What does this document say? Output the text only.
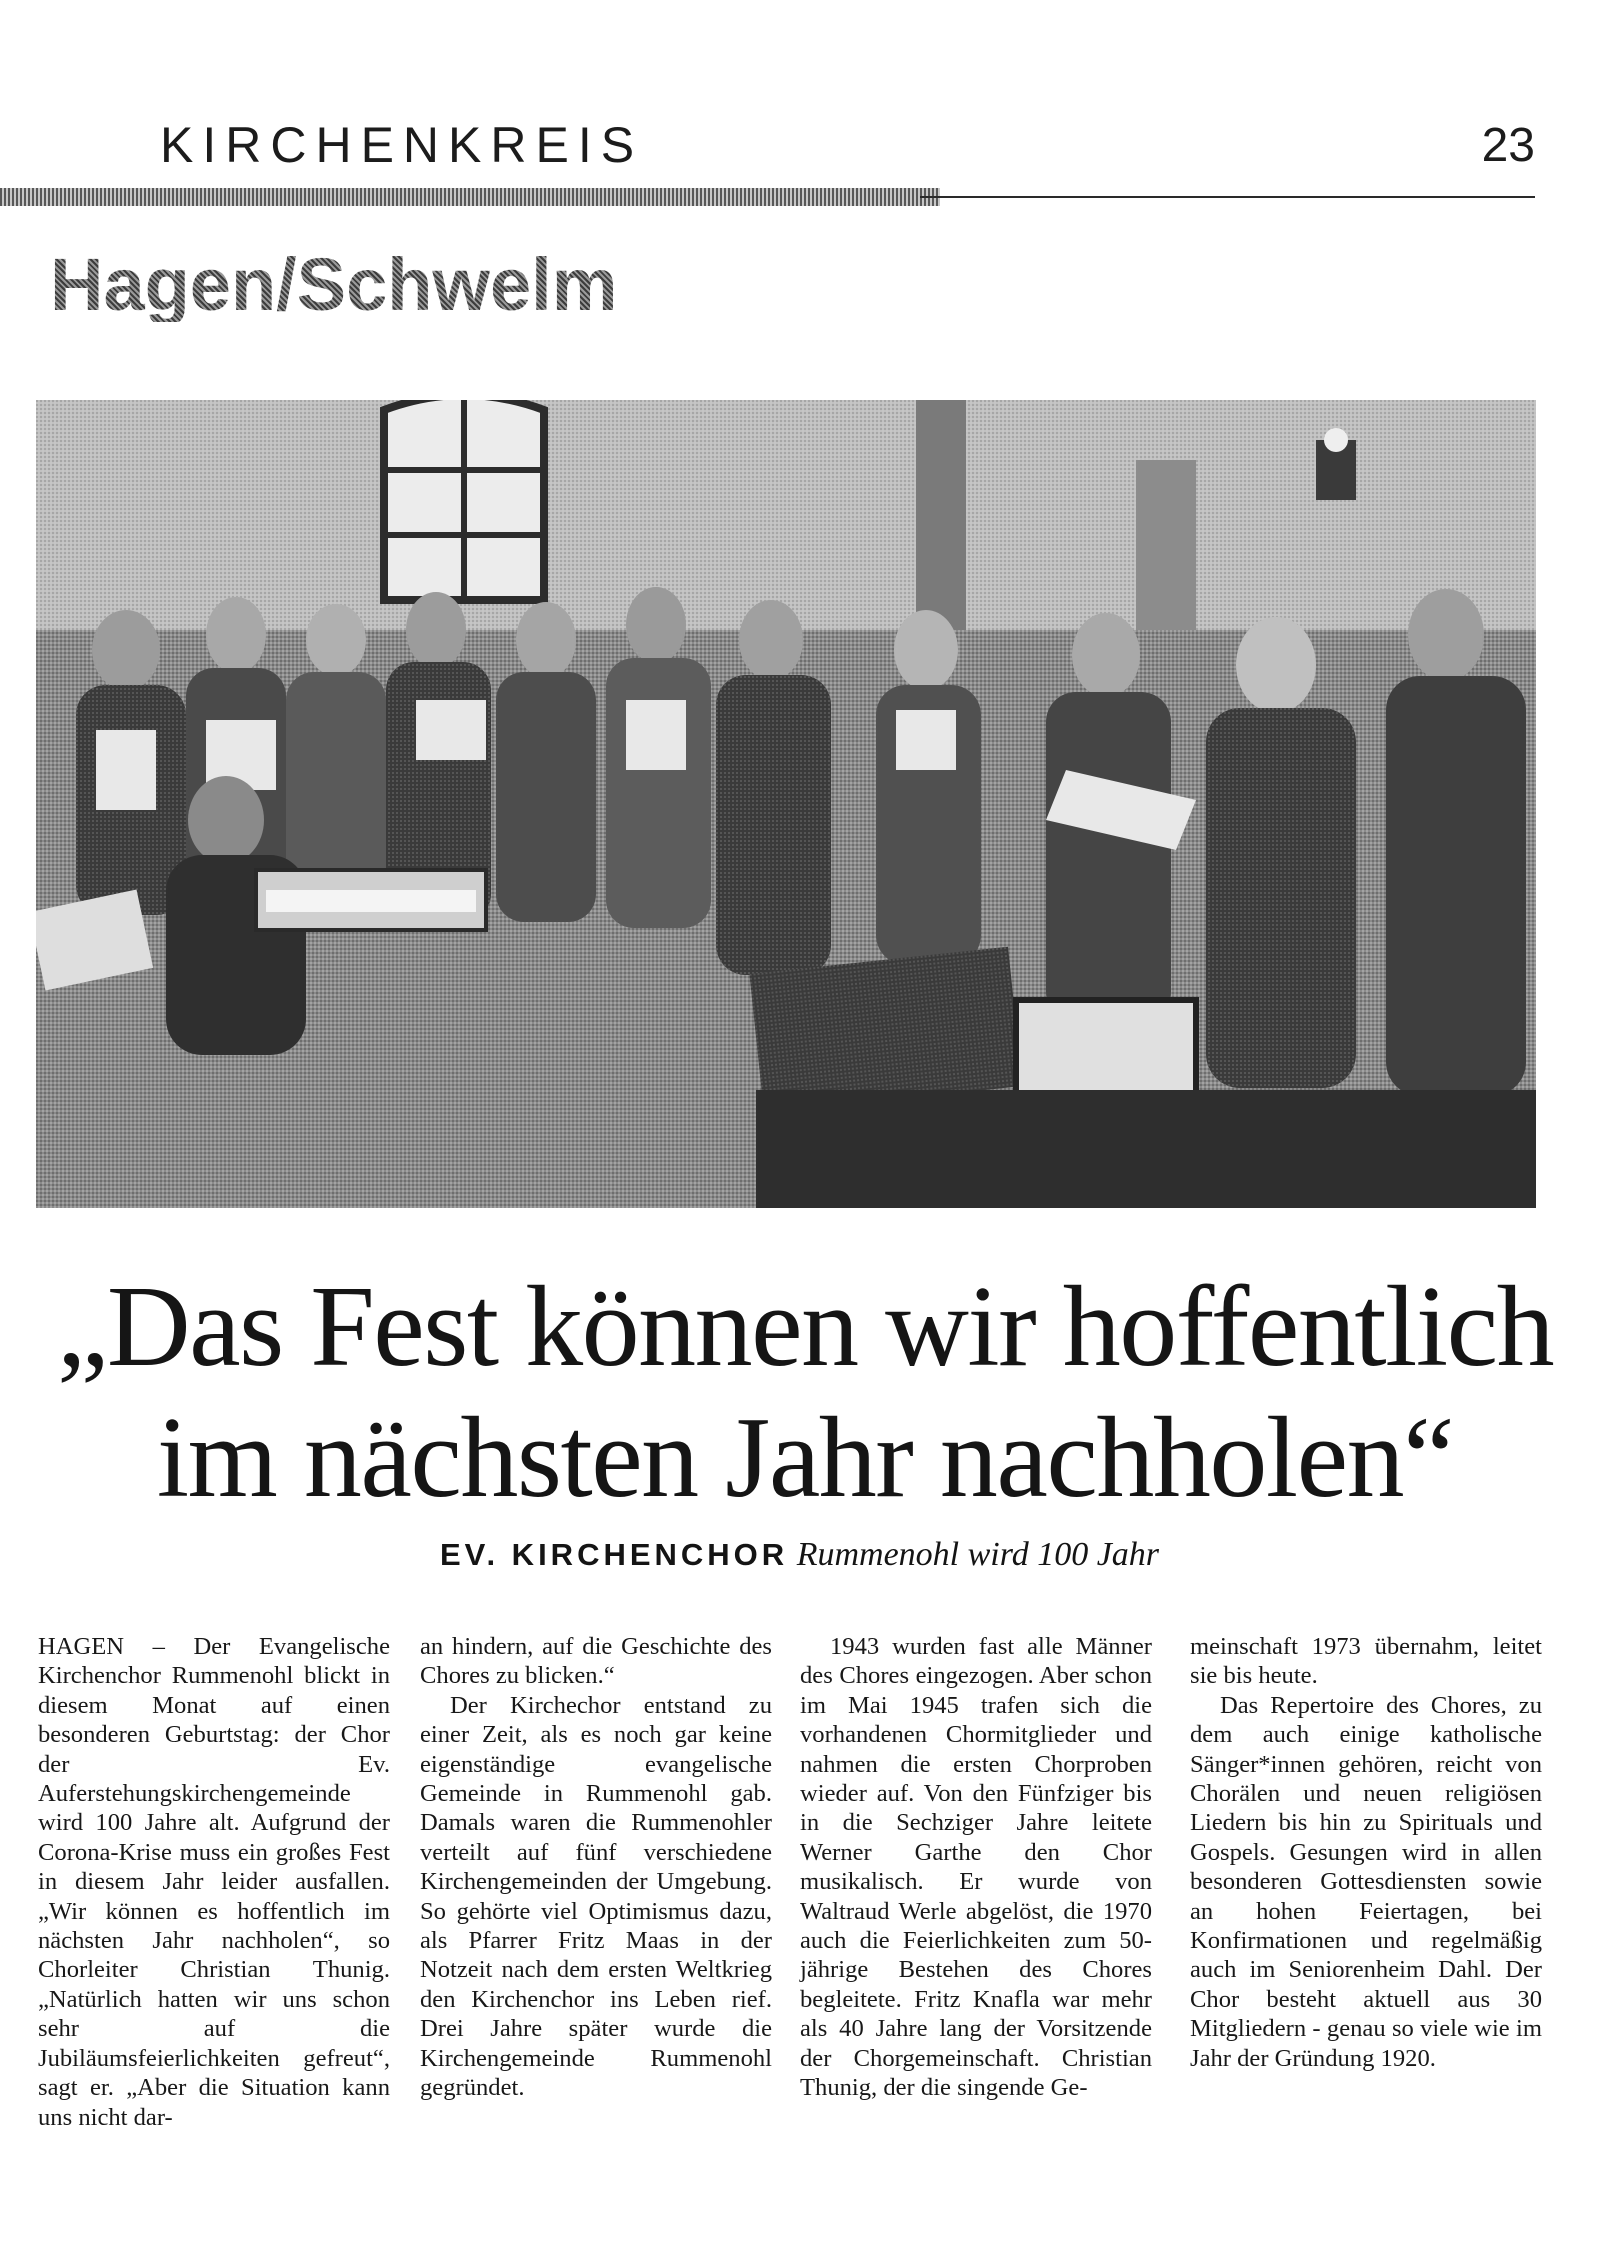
KIRCHENKREIS	23
Hagen/Schwelm
„Das Fest können wir hoffentlich im nächsten Jahr nachholen“
EV. KIRCHENCHOR Rummenohl wird 100 Jahr

HAGEN – Der Evangelische Kirchenchor Rummenohl blickt in diesem Monat auf einen besonderen Geburtstag: der Chor der Ev. Auferstehungskirchengemeinde wird 100 Jahre alt. Aufgrund der Corona-Krise muss ein großes Fest in diesem Jahr leider ausfallen. „Wir können es hoffentlich im nächsten Jahr nachholen“, so Chorleiter Christian Thunig. „Natürlich hatten wir uns schon sehr auf die Jubiläumsfeierlichkeiten gefreut“, sagt er. „Aber die Situation kann uns nicht dar-

an hindern, auf die Geschichte des Chores zu blicken.“

Der Kirchechor entstand zu einer Zeit, als es noch gar keine eigenständige evangelische Gemeinde in Rummenohl gab. Damals waren die Rummenohler verteilt auf fünf verschiedene Kirchengemeinden der Umgebung. So gehörte viel Optimismus dazu, als Pfarrer Fritz Maas in der Notzeit nach dem ersten Weltkrieg den Kirchenchor ins Leben rief. Drei Jahre später wurde die Kirchengemeinde Rummenohl gegründet.

1943 wurden fast alle Männer des Chores eingezogen. Aber schon im Mai 1945 trafen sich die vorhandenen Chormitglieder und nahmen die ersten Chorproben wieder auf. Von den Fünfziger bis in die Sechziger Jahre leitete Werner Garthe den Chor musikalisch. Er wurde von Waltraud Werle abgelöst, die 1970 auch die Feierlichkeiten zum 50-jährige Bestehen des Chores begleitete. Fritz Knafla war mehr als 40 Jahre lang der Vorsitzende der Chorgemeinschaft. Christian Thunig, der die singende Ge-

meinschaft 1973 übernahm, leitet sie bis heute.

Das Repertoire des Chores, zu dem auch einige katholische Sänger*innen gehören, reicht von Chorälen und neuen religiösen Liedern bis hin zu Spirituals und Gospels. Gesungen wird in allen besonderen Gottesdiensten sowie an hohen Feiertagen, bei Konfirmationen und regelmäßig auch im Seniorenheim Dahl. Der Chor besteht aktuell aus 30 Mitgliedern - genau so viele wie im Jahr der Gründung 1920.
